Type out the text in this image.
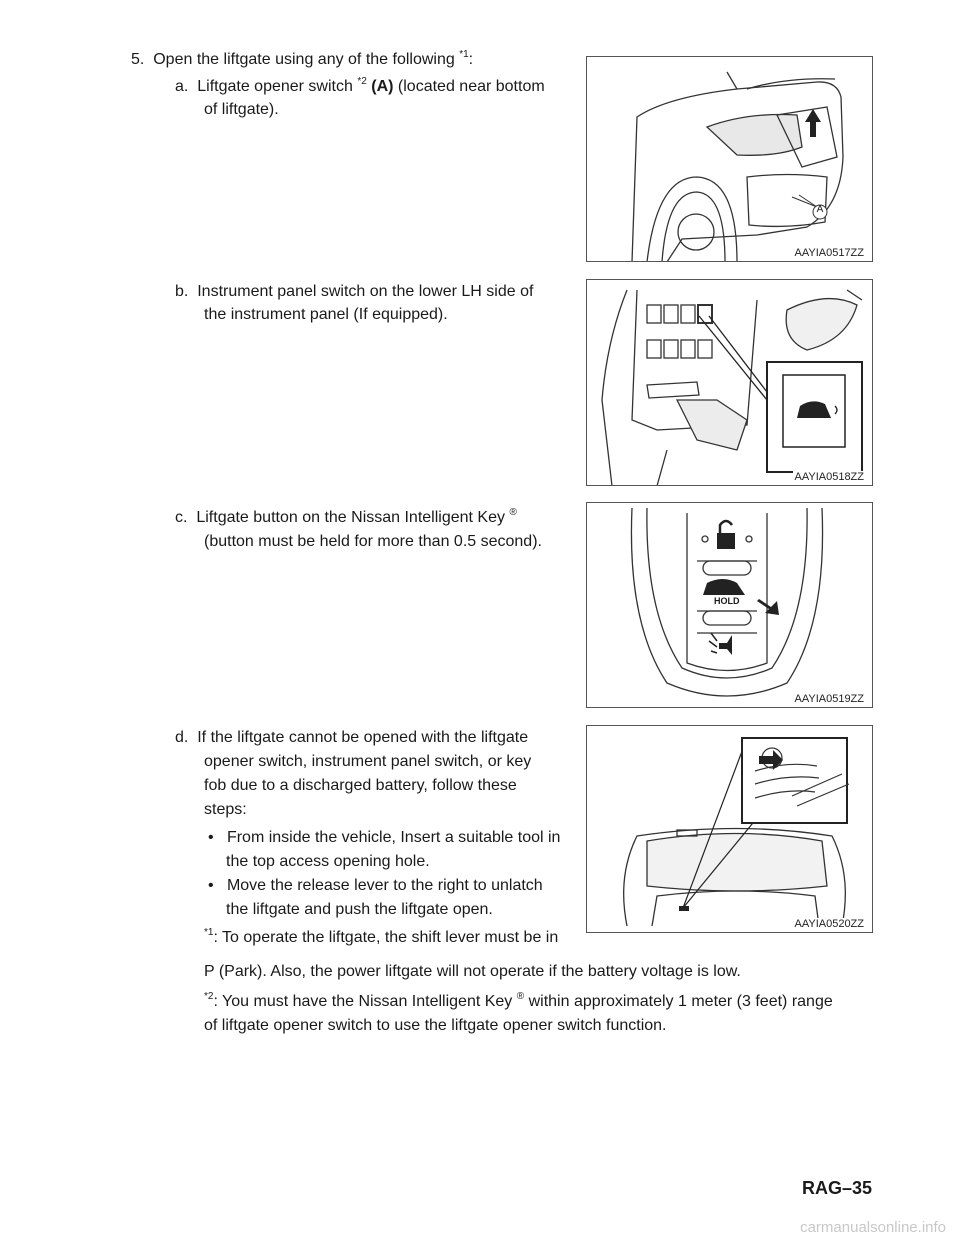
5. Open the liftgate using any of the following $^{*1}$:
a. Liftgate opener switch $^{*2}$ (A) (located near bottom
of liftgate).
b. Instrument panel switch on the lower LH side of
the instrument panel (If equipped).
c. Liftgate button on the Nissan Intelligent Key ®
(button must be held for more than 0.5 second).
d. If the liftgate cannot be opened with the liftgate
opener switch, instrument panel switch, or key
fob due to a discharged battery, follow these
steps:
• From inside the vehicle, Insert a suitable tool in
the top access opening hole.
• Move the release lever to the right to unlatch
the liftgate and push the liftgate open.
$^{*1}$: To operate the liftgate, the shift lever must be in
P (Park). Also, the power liftgate will not operate if the battery voltage is low.
$^{*2}$: You must have the Nissan Intelligent Key ® within approximately 1 meter (3 feet) range
of liftgate opener switch to use the liftgate opener switch function.
A
AAYIA0517ZZ
AAYIA0518ZZ
HOLD
AAYIA0519ZZ
AAYIA0520ZZ
RAG–35
carmanualsonline.info
